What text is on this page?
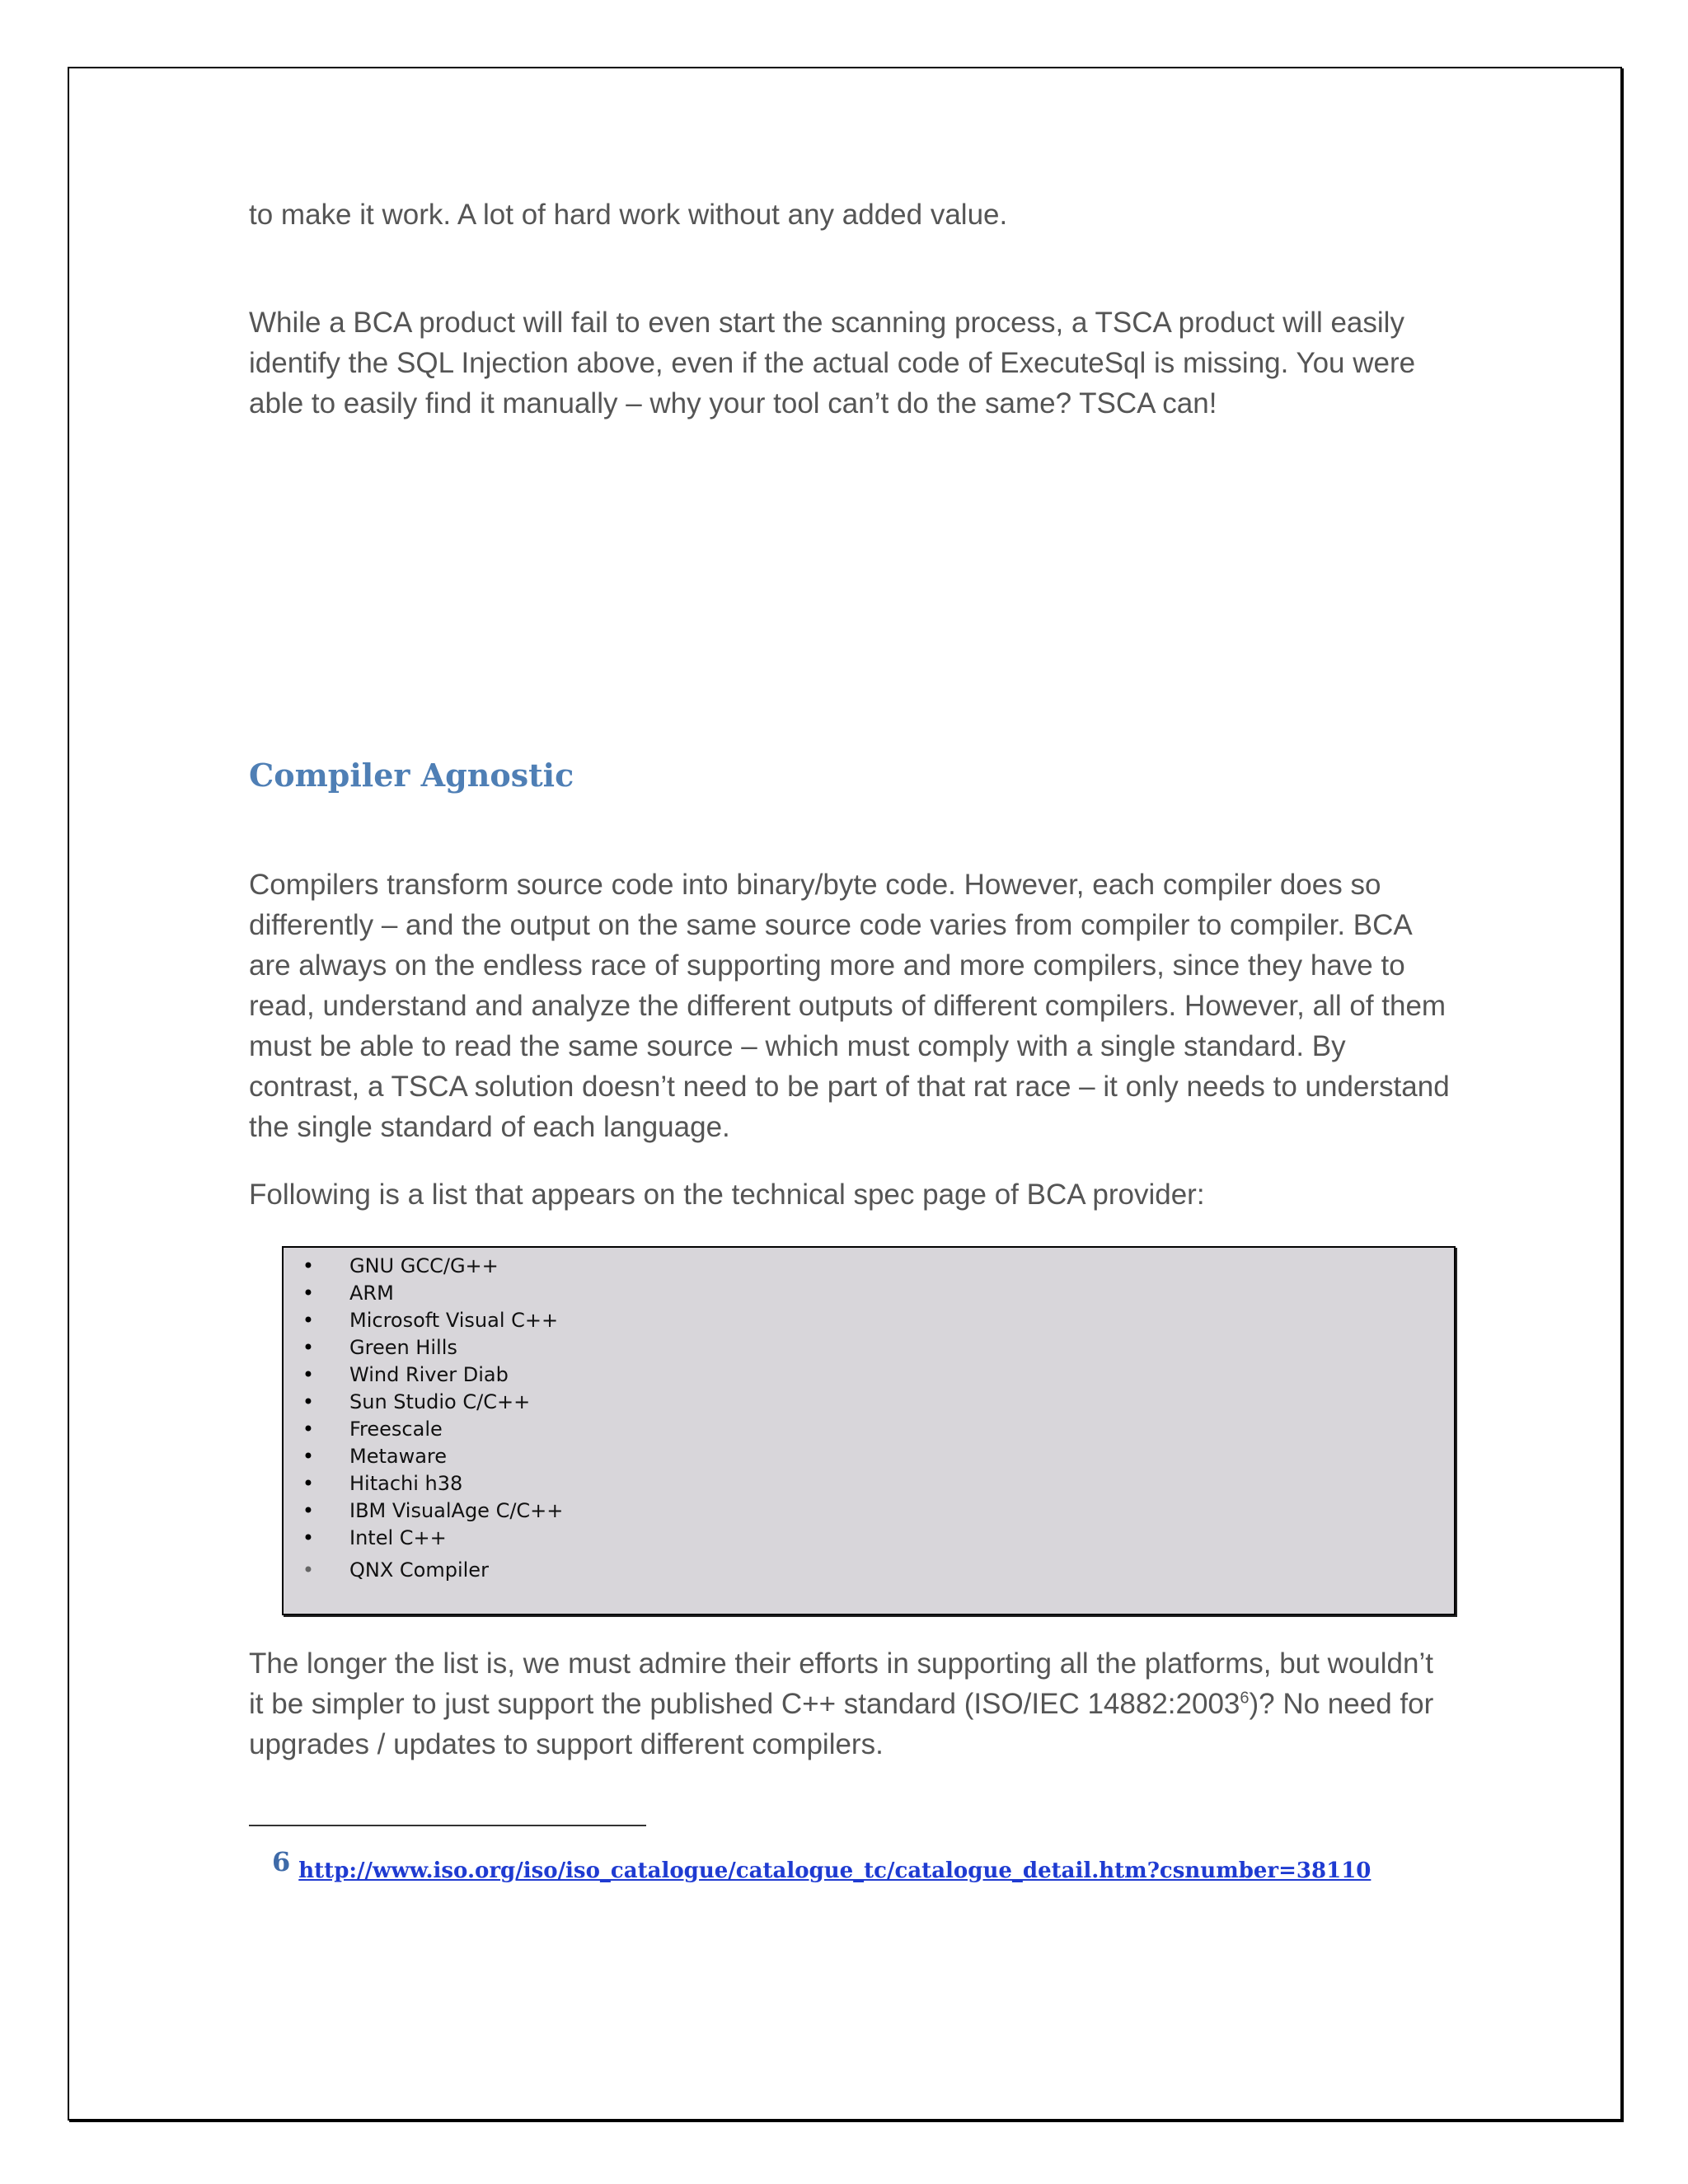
to make it work. A lot of hard work without any added value.

While a BCA product will fail to even start the scanning process, a TSCA product will easily identify the SQL Injection above, even if the actual code of ExecuteSql is missing. You were able to easily find it manually – why your tool can’t do the same? TSCA can!

Compiler Agnostic

Compilers transform source code into binary/byte code. However, each compiler does so differently – and the output on the same source code varies from compiler to compiler. BCA are always on the endless race of supporting more and more compilers, since they have to read, understand and analyze the different outputs of different compilers. However, all of them must be able to read the same source – which must comply with a single standard. By contrast, a TSCA solution doesn’t need to be part of that rat race – it only needs to understand the single standard of each language.

Following is a list that appears on the technical spec page of BCA provider:

• GNU GCC/G++
• ARM
• Microsoft Visual C++
• Green Hills
• Wind River Diab
• Sun Studio C/C++
• Freescale
• Metaware
• Hitachi h38
• IBM VisualAge C/C++
• Intel C++
• QNX Compiler

The longer the list is, we must admire their efforts in supporting all the platforms, but wouldn’t it be simpler to just support the published C++ standard (ISO/IEC 14882:2003$^6$)? No need for upgrades / updates to support different compilers.

6 http://www.iso.org/iso/iso_catalogue/catalogue_tc/catalogue_detail.htm?csnumber=38110
